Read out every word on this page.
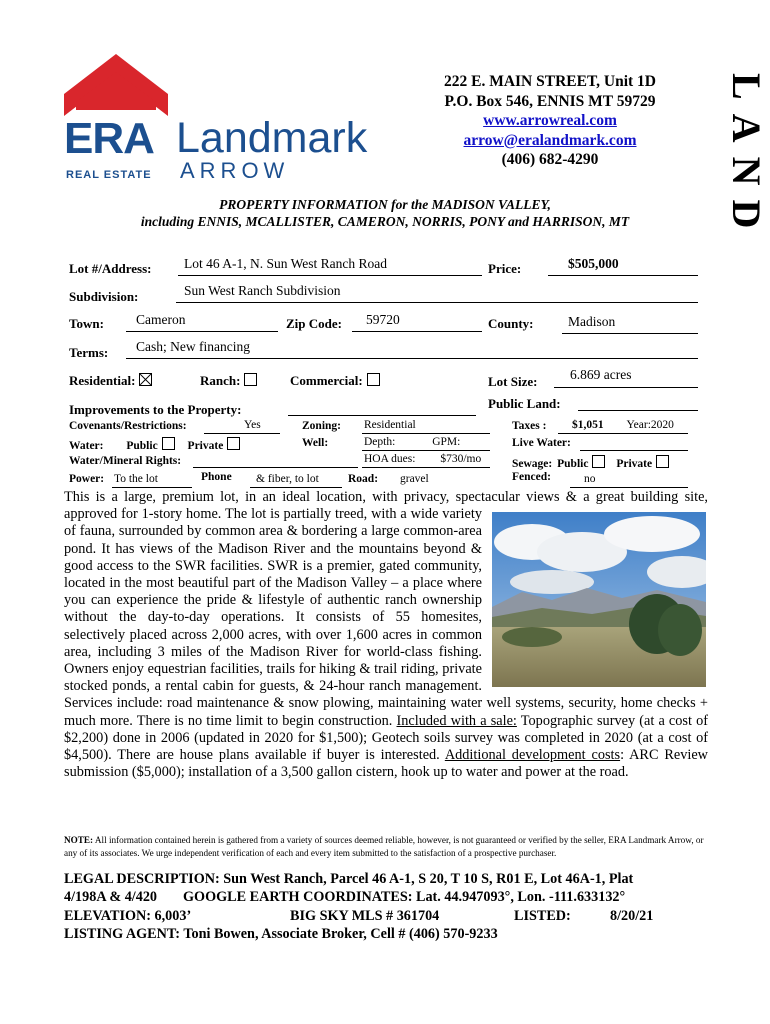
ERA Landmark
REAL ESTATE ARROW
222 E. MAIN STREET, Unit 1D
P.O. Box 546, ENNIS MT 59729
www.arrowreal.com
arrow@eralandmark.com
(406) 682-4290	LAND
PROPERTY INFORMATION for the MADISON VALLEY,
including ENNIS, MCALLISTER, CAMERON, NORRIS, PONY and HARRISON, MT
Lot #/Address:	Lot 46 A-1, N. Sun West Ranch Road	Price:	$505,000
Subdivision:	Sun West Ranch Subdivision
Town:	Cameron	Zip Code:	59720	County:	Madison
Terms:	Cash; New financing
Residential:	Ranch:	Commercial:	Lot Size:	6.869 acres
Public Land:
Improvements to the Property:
Covenants/Restrictions:	Yes	Zoning: Residential	Taxes :	$1,051 Year:2020
Water: Public	Private	Well:	Depth:	GPM:	Live Water:
Water/Mineral Rights:	HOA dues: $730/mo	Sewage: Public Private
Power: To the lot	Phone	& fiber, to lot	Road: gravel	Fenced:	no
This is a large, premium lot, in an ideal location, with privacy, spectacular views & a great building site, approved for 1-story home. The lot is partially treed, with a wide variety of fauna, surrounded by common area & bordering a large common-area pond. It has views of the Madison River and the mountains beyond & good access to the SWR facilities. SWR is a premier, gated community, located in the most beautiful part of the Madison Valley – a place where you can experience the pride & lifestyle of authentic ranch ownership without the day-to-day operations. It consists of 55 homesites, selectively placed across 2,000 acres, with over 1,600 acres in common area, including 3 miles of the Madison River for world-class fishing. Owners enjoy equestrian facilities, trails for hiking & trail riding, private stocked ponds, a rental cabin for guests, & 24-hour ranch management. Services include: road maintenance & snow plowing, maintaining water well systems, security, home checks + much more. There is no time limit to begin construction. Included with a sale: Topographic survey (at a cost of $2,200) done in 2006 (updated in 2020 for $1,500); Geotech soils survey was completed in 2020 (at a cost of $4,500). There are house plans available if buyer is interested. Additional development costs: ARC Review submission ($5,000); installation of a 3,500 gallon cistern, hook up to water and power at the road.
NOTE: All information contained herein is gathered from a variety of sources deemed reliable, however, is not guaranteed or verified by the seller, ERA Landmark Arrow, or any of its associates. We urge independent verification of each and every item submitted to the satisfaction of a prospective purchaser.
LEGAL DESCRIPTION: Sun West Ranch, Parcel 46 A-1, S 20, T 10 S, R01 E, Lot 46A-1, Plat
4/198A & 4/420 GOOGLE EARTH COORDINATES: Lat. 44.947093°, Lon. -111.633132°
ELEVATION: 6,003’	BIG SKY MLS # 361704	LISTED:	8/20/21
LISTING AGENT: Toni Bowen, Associate Broker, Cell # (406) 570-9233
